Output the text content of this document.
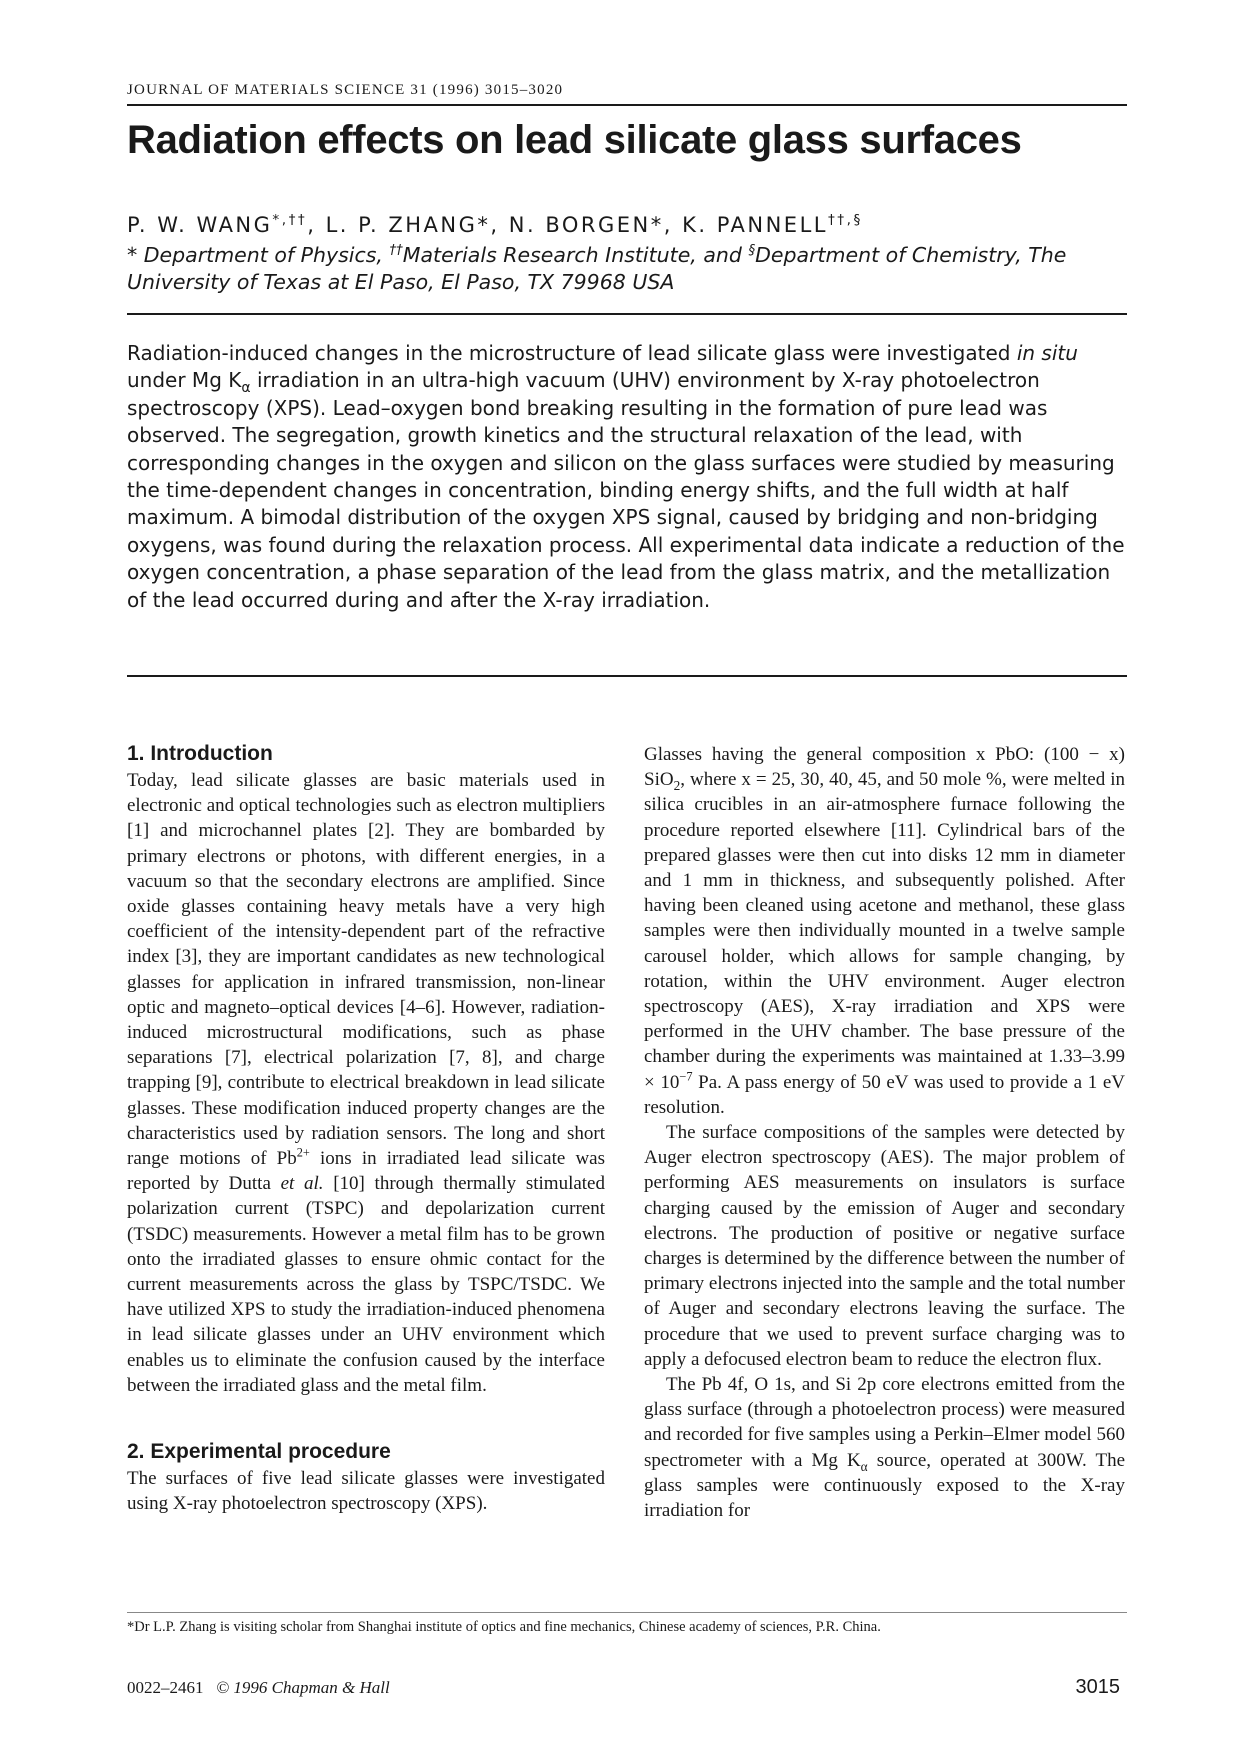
JOURNAL OF MATERIALS SCIENCE 31 (1996) 3015–3020
Radiation effects on lead silicate glass surfaces
P. W. WANG*,††, L. P. ZHANG*, N. BORGEN*, K. PANNELL††,§
* Department of Physics, ††Materials Research Institute, and §Department of Chemistry, The University of Texas at El Paso, El Paso, TX 79968 USA

Radiation-induced changes in the microstructure of lead silicate glass were investigated in situ under Mg $K_\alpha$ irradiation in an ultra-high vacuum (UHV) environment by X-ray photoelectron spectroscopy (XPS). Lead–oxygen bond breaking resulting in the formation of pure lead was observed. The segregation, growth kinetics and the structural relaxation of the lead, with corresponding changes in the oxygen and silicon on the glass surfaces were studied by measuring the time-dependent changes in concentration, binding energy shifts, and the full width at half maximum. A bimodal distribution of the oxygen XPS signal, caused by bridging and non-bridging oxygens, was found during the relaxation process. All experimental data indicate a reduction of the oxygen concentration, a phase separation of the lead from the glass matrix, and the metallization of the lead occurred during and after the X-ray irradiation.

1. Introduction

Today, lead silicate glasses are basic materials used in electronic and optical technologies such as electron multipliers [1] and microchannel plates [2]. They are bombarded by primary electrons or photons, with different energies, in a vacuum so that the secondary electrons are amplified. Since oxide glasses containing heavy metals have a very high coefficient of the intensity-dependent part of the refractive index [3], they are important candidates as new technological glasses for application in infrared transmission, non-linear optic and magneto–optical devices [4–6]. However, radiation-induced microstructural modifications, such as phase separations [7], electrical polarization [7, 8], and charge trapping [9], contribute to electrical breakdown in lead silicate glasses. These modification induced property changes are the characteristics used by radiation sensors. The long and short range motions of $Pb^{2+}$ ions in irradiated lead silicate was reported by Dutta et al. [10] through thermally stimulated polarization current (TSPC) and depolarization current (TSDC) measurements. However a metal film has to be grown onto the irradiated glasses to ensure ohmic contact for the current measurements across the glass by TSPC/TSDC. We have utilized XPS to study the irradiation-induced phenomena in lead silicate glasses under an UHV environment which enables us to eliminate the confusion caused by the interface between the irradiated glass and the metal film.

2. Experimental procedure

The surfaces of five lead silicate glasses were investigated using X-ray photoelectron spectroscopy (XPS).

Glasses having the general composition x PbO: (100 − x) SiO$_2$, where x = 25, 30, 40, 45, and 50 mole %, were melted in silica crucibles in an air-atmosphere furnace following the procedure reported elsewhere [11]. Cylindrical bars of the prepared glasses were then cut into disks 12 mm in diameter and 1 mm in thickness, and subsequently polished. After having been cleaned using acetone and methanol, these glass samples were then individually mounted in a twelve sample carousel holder, which allows for sample changing, by rotation, within the UHV environment. Auger electron spectroscopy (AES), X-ray irradiation and XPS were performed in the UHV chamber. The base pressure of the chamber during the experiments was maintained at $1.33-3.99 \times 10^{-7}$ Pa. A pass energy of 50 eV was used to provide a 1 eV resolution.

The surface compositions of the samples were detected by Auger electron spectroscopy (AES). The major problem of performing AES measurements on insulators is surface charging caused by the emission of Auger and secondary electrons. The production of positive or negative surface charges is determined by the difference between the number of primary electrons injected into the sample and the total number of Auger and secondary electrons leaving the surface. The procedure that we used to prevent surface charging was to apply a defocused electron beam to reduce the electron flux.

The Pb 4f, O 1s, and Si 2p core electrons emitted from the glass surface (through a photoelectron process) were measured and recorded for five samples using a Perkin–Elmer model 560 spectrometer with a Mg $K_\alpha$ source, operated at 300W. The glass samples were continuously exposed to the X-ray irradiation for

*Dr L.P. Zhang is visiting scholar from Shanghai institute of optics and fine mechanics, Chinese academy of sciences, P.R. China.
0022–2461 © 1996 Chapman & Hall	3015
